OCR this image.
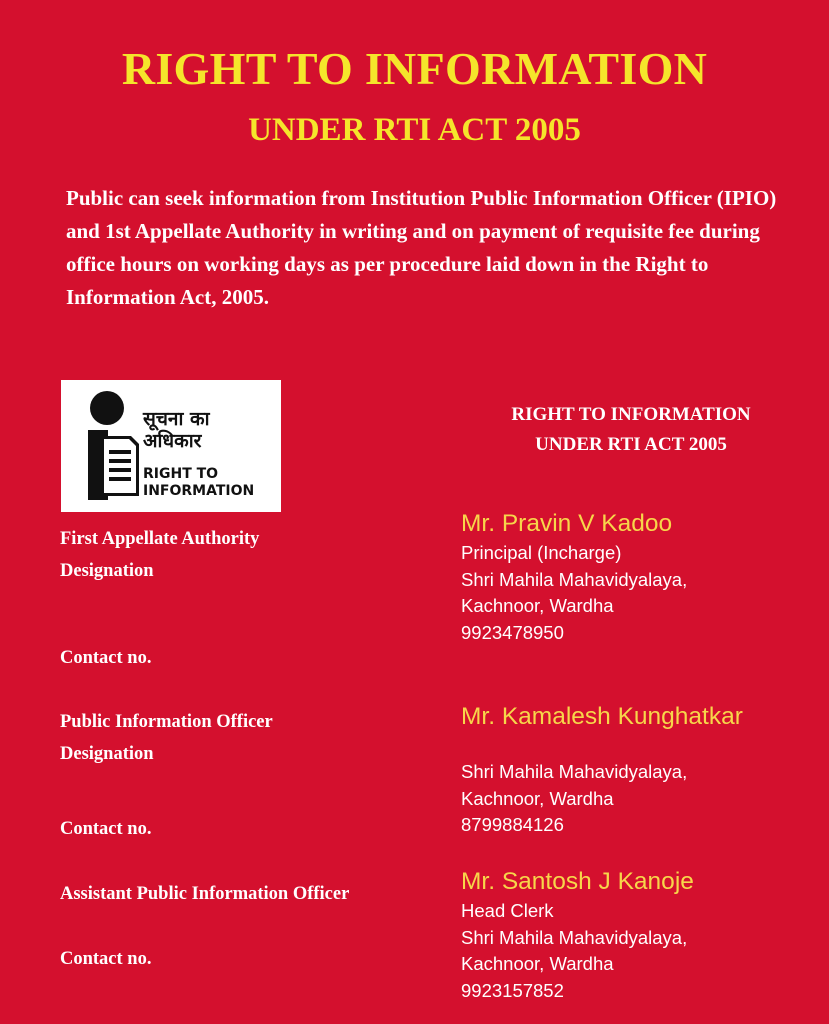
RIGHT TO INFORMATION
UNDER RTI ACT 2005
Public can seek information from Institution Public Information Officer (IPIO) and 1st Appellate Authority in writing and on payment of requisite fee during office hours on working days as per procedure laid down in the Right to Information Act, 2005.
सूचना का
अधिकार
RIGHT TO
INFORMATION
RIGHT TO INFORMATION
UNDER RTI ACT 2005
First Appellate Authority
Designation
Contact no.
Public Information Officer
Designation
Contact no.
Assistant Public Information Officer
Contact no.
Mr. Pravin V Kadoo
Principal (Incharge)
Shri Mahila Mahavidyalaya,
Kachnoor, Wardha
9923478950
Mr. Kamalesh Kunghatkar
Shri Mahila Mahavidyalaya,
Kachnoor, Wardha
8799884126
Mr. Santosh J Kanoje
Head Clerk
Shri Mahila Mahavidyalaya,
Kachnoor, Wardha
9923157852
